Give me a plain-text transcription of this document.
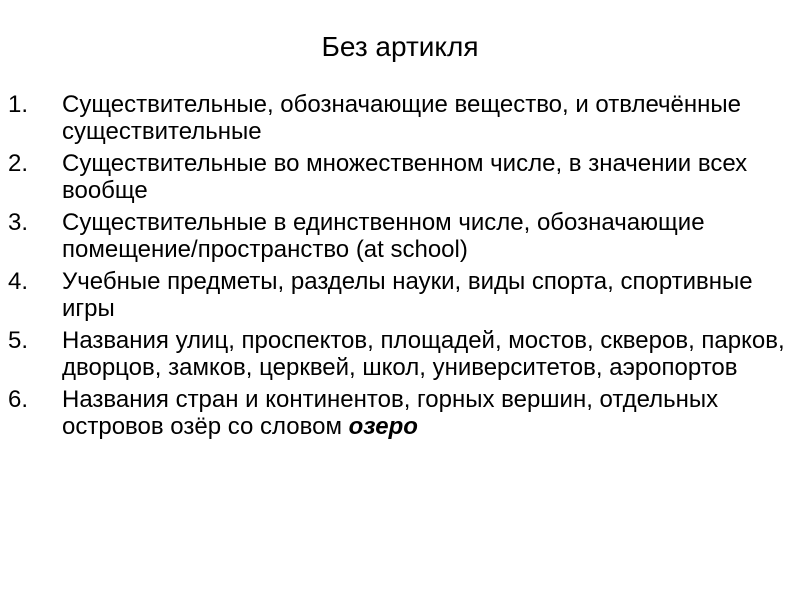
Без артикля
1.	Существительные, обозначающие вещество, и отвлечённые существительные
2.	Существительные во множественном числе, в значении всех вообще
3.	Существительные в единственном числе, обозначающие помещение/пространство (at school)
4.	Учебные предметы, разделы науки, виды спорта, спортивные игры
5.	Названия улиц, проспектов, площадей, мостов, скверов, парков, дворцов, замков, церквей, школ, университетов, аэропортов
6.	Названия стран и континентов, горных вершин, отдельных островов озёр со словом озеро
